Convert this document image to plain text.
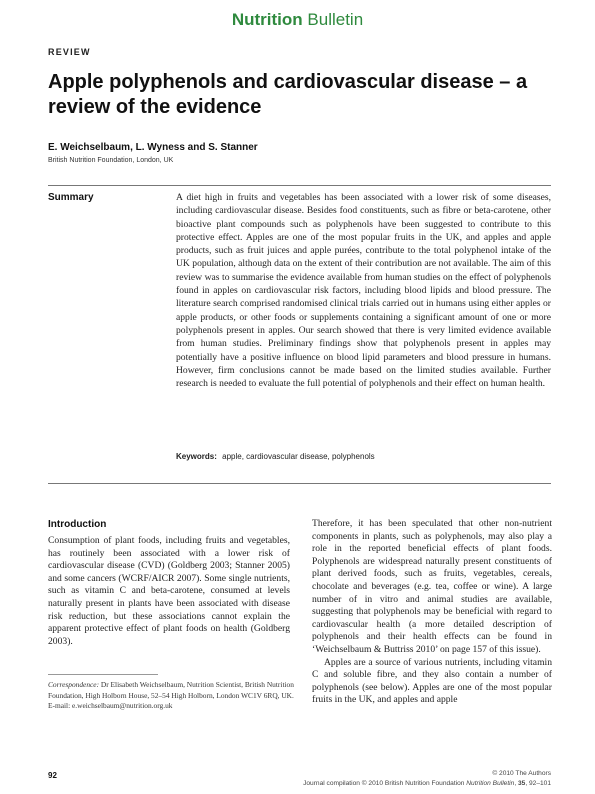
Nutrition Bulletin
REVIEW
Apple polyphenols and cardiovascular disease – a review of the evidence
E. Weichselbaum, L. Wyness and S. Stanner
British Nutrition Foundation, London, UK
Summary	A diet high in fruits and vegetables has been associated with a lower risk of some diseases, including cardiovascular disease. Besides food constituents, such as fibre or beta-carotene, other bioactive plant compounds such as polyphenols have been suggested to contribute to this protective effect. Apples are one of the most popular fruits in the UK, and apples and apple products, such as fruit juices and apple purées, contribute to the total polyphenol intake of the UK population, although data on the extent of their contribution are not available. The aim of this review was to summarise the evidence available from human studies on the effect of polyphenols found in apples on cardiovascular risk factors, including blood lipids and blood pressure. The literature search comprised randomised clinical trials carried out in humans using either apples or apple products, or other foods or supplements containing a significant amount of one or more polyphenols present in apples. Our search showed that there is very limited evidence available from human studies. Preliminary findings show that polyphenols present in apples may potentially have a positive influence on blood lipid parameters and blood pressure in humans. However, firm conclusions cannot be made based on the limited studies available. Further research is needed to evaluate the full potential of polyphenols and their effect on human health.

Keywords: apple, cardiovascular disease, polyphenols
Introduction

Consumption of plant foods, including fruits and vegetables, has routinely been associated with a lower risk of cardiovascular disease (CVD) (Goldberg 2003; Stanner 2005) and some cancers (WCRF/AICR 2007). Some single nutrients, such as vitamin C and beta-carotene, consumed at levels naturally present in plants have been associated with disease risk reduction, but these associations cannot explain the apparent protective effect of plant foods on health (Goldberg 2003).

Therefore, it has been speculated that other non-nutrient components in plants, such as polyphenols, may also play a role in the reported beneficial effects of plant foods. Polyphenols are widespread naturally present constituents of plant derived foods, such as fruits, vegetables, cereals, chocolate and beverages (e.g. tea, coffee or wine). A large number of in vitro and animal studies are available, suggesting that polyphenols may be beneficial with regard to cardiovascular health (a more detailed description of polyphenols and their health effects can be found in ‘Weichselbaum & Buttriss 2010’ on page 157 of this issue).

Apples are a source of various nutrients, including vitamin C and soluble fibre, and they also contain a number of polyphenols (see below). Apples are one of the most popular fruits in the UK, and apples and apple

Correspondence: Dr Elisabeth Weichselbaum, Nutrition Scientist, British Nutrition Foundation, High Holborn House, 52–54 High Holborn, London WC1V 6RQ, UK.
E-mail: e.weichselbaum@nutrition.org.uk
92	© 2010 The Authors
Journal compilation © 2010 British Nutrition Foundation Nutrition Bulletin, 35, 92–101
